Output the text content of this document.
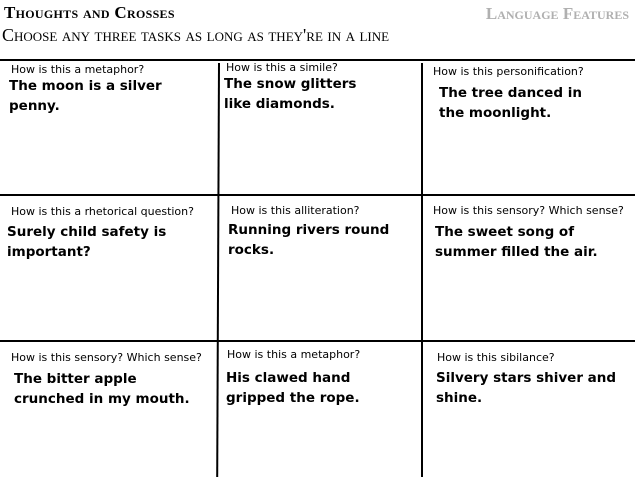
Thoughts and Crosses	Language Features
Choose any three tasks as long as they're in a line
How is this a metaphor?
The moon is a silver penny.
How is this a simile?
The snow glitters like diamonds.
How is this personification?
The tree danced in the moonlight.
How is this a rhetorical question?
Surely child safety is important?
How is this alliteration?
Running rivers round rocks.
How is this sensory? Which sense?
The sweet song of summer filled the air.
How is this sensory? Which sense?
The bitter apple crunched in my mouth.
How is this a metaphor?
His clawed hand gripped the rope.
How is this sibilance?
Silvery stars shiver and shine.
